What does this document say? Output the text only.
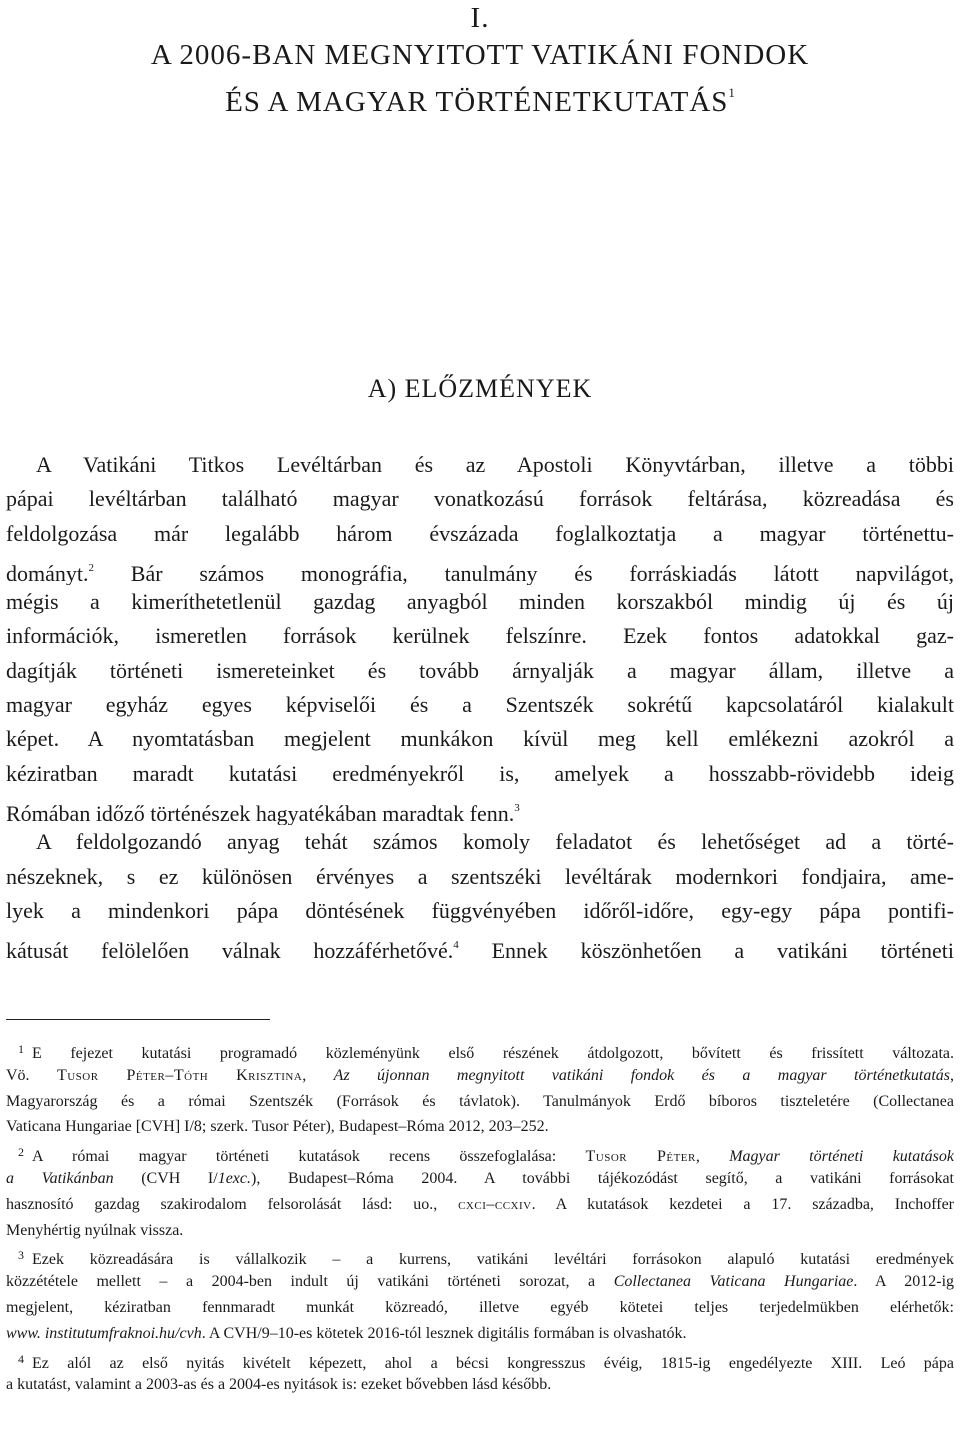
I.
A 2006-BAN MEGNYITOTT VATIKÁNI FONDOK
ÉS A MAGYAR TÖRTÉNETKUTATÁS$^1$
A) ELŐZMÉNYEK
A Vatikáni Titkos Levéltárban és az Apostoli Könyvtárban, illetve a többi
pápai levéltárban található magyar vonatkozású források feltárása, közreadása és
feldolgozása már legalább három évszázada foglalkoztatja a magyar történettu-
dományt.$^2$ Bár számos monográfia, tanulmány és forráskiadás látott napvilágot,
mégis a kimeríthetetlenül gazdag anyagból minden korszakból mindig új és új
információk, ismeretlen források kerülnek felszínre. Ezek fontos adatokkal gaz-
dagítják történeti ismereteinket és tovább árnyalják a magyar állam, illetve a
magyar egyház egyes képviselői és a Szentszék sokrétű kapcsolatáról kialakult
képet. A nyomtatásban megjelent munkákon kívül meg kell emlékezni azokról a
kéziratban maradt kutatási eredményekről is, amelyek a hosszabb-rövidebb ideig
Rómában időző történészek hagyatékában maradtak fenn.$^3$
A feldolgozandó anyag tehát számos komoly feladatot és lehetőséget ad a törté-
nészeknek, s ez különösen érvényes a szentszéki levéltárak modernkori fondjaira, ame-
lyek a mindenkori pápa döntésének függvényében időről-időre, egy-egy pápa pontifi-
kátusát felölelően válnak hozzáférhetővé.$^4$ Ennek köszönhetően a vatikáni történeti
$^1$ E fejezet kutatási programadó közleményünk első részének átdolgozott, bővített és frissített változata.
Vö. Tusor Péter–Tóth Krisztina, Az újonnan megnyitott vatikáni fondok és a magyar történetkutatás,
Magyarország és a római Szentszék (Források és távlatok). Tanulmányok Erdő bíboros tiszteletére (Collectanea
Vaticana Hungariae [CVH] I/8; szerk. Tusor Péter), Budapest–Róma 2012, 203–252.
$^2$ A római magyar történeti kutatások recens összefoglalása: Tusor Péter, Magyar történeti kutatások
a Vatikánban (CVH I/1exc.), Budapest–Róma 2004. A további tájékozódást segítő, a vatikáni forrásokat
hasznosító gazdag szakirodalom felsorolását lásd: uo., cxci–ccxiv. A kutatások kezdetei a 17. századba, Inchoffer
Menyhértig nyúlnak vissza.
$^3$ Ezek közreadására is vállalkozik – a kurrens, vatikáni levéltári forrásokon alapuló kutatási eredmények
közzététele mellett – a 2004-ben indult új vatikáni történeti sorozat, a Collectanea Vaticana Hungariae. A 2012-ig
megjelent, kéziratban fennmaradt munkát közreadó, illetve egyéb kötetei teljes terjedelmükben elérhetők:
www. institutumfraknoi.hu/cvh. A CVH/9–10-es kötetek 2016-tól lesznek digitális formában is olvashatók.
$^4$ Ez alól az első nyitás kivételt képezett, ahol a bécsi kongresszus évéig, 1815-ig engedélyezte XIII. Leó pápa
a kutatást, valamint a 2003-as és a 2004-es nyitások is: ezeket bővebben lásd később.
